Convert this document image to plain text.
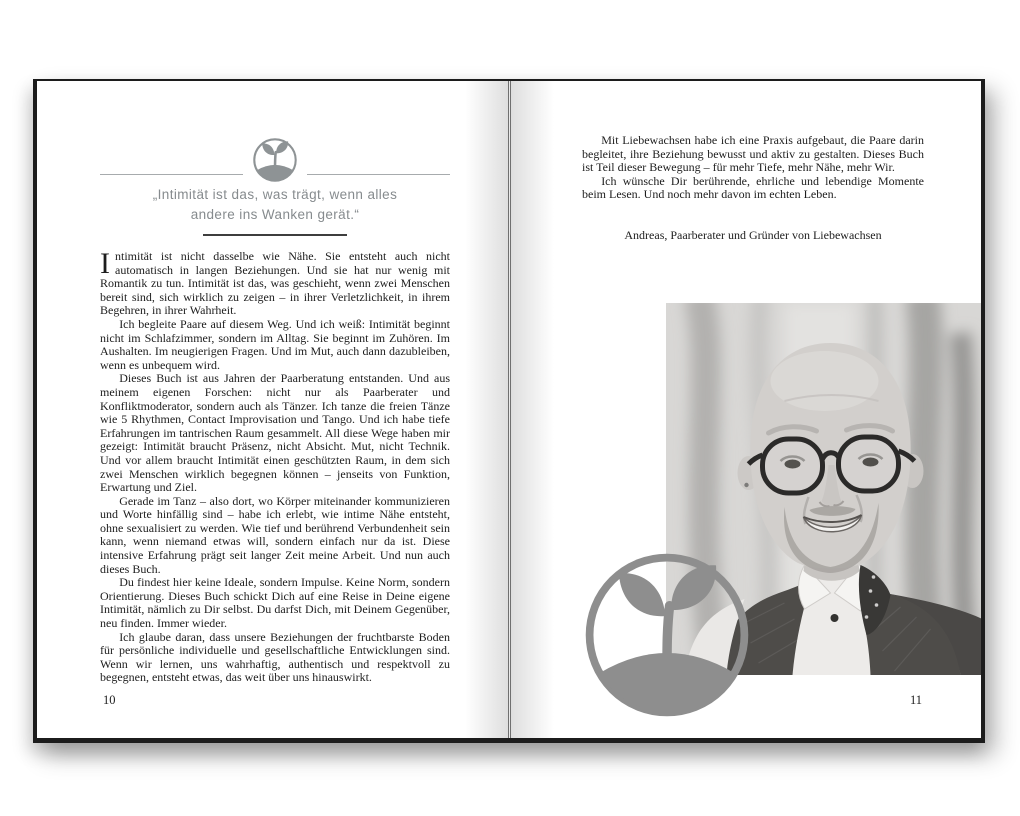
„Intimität ist das, was trägt, wenn alles
andere ins Wanken gerät.“

Intimität ist nicht dasselbe wie Nähe. Sie entsteht auch nicht automatisch in langen Beziehungen. Und sie hat nur wenig mit Romantik zu tun. Intimität ist das, was geschieht, wenn zwei Menschen bereit sind, sich wirklich zu zeigen – in ihrer Verletzlichkeit, in ihrem Begehren, in ihrer Wahrheit.

Ich begleite Paare auf diesem Weg. Und ich weiß: Intimität beginnt nicht im Schlafzimmer, sondern im Alltag. Sie beginnt im Zuhören. Im Aushalten. Im neugierigen Fragen. Und im Mut, auch dann dazubleiben, wenn es unbequem wird.

Dieses Buch ist aus Jahren der Paarberatung entstanden. Und aus meinem eigenen Forschen: nicht nur als Paarberater und Konfliktmoderator, sondern auch als Tänzer. Ich tanze die freien Tänze wie 5 Rhythmen, Contact Improvisation und Tango. Und ich habe tiefe Erfahrungen im tantrischen Raum gesammelt. All diese Wege haben mir gezeigt: Intimität braucht Präsenz, nicht Absicht. Mut, nicht Technik. Und vor allem braucht Intimität einen geschützten Raum, in dem sich zwei Menschen wirklich begegnen können – jenseits von Funktion, Erwartung und Ziel.

Gerade im Tanz – also dort, wo Körper miteinander kommunizieren und Worte hinfällig sind – habe ich erlebt, wie intime Nähe entsteht, ohne sexualisiert zu werden. Wie tief und berührend Verbundenheit sein kann, wenn niemand etwas will, sondern einfach nur da ist. Diese intensive Erfahrung prägt seit langer Zeit meine Arbeit. Und nun auch dieses Buch.

Du findest hier keine Ideale, sondern Impulse. Keine Norm, sondern Orientierung. Dieses Buch schickt Dich auf eine Reise in Deine eigene Intimität, nämlich zu Dir selbst. Du darfst Dich, mit Deinem Gegenüber, neu finden. Immer wieder.

Ich glaube daran, dass unsere Beziehungen der fruchtbarste Boden für persönliche individuelle und gesellschaftliche Entwicklungen sind. Wenn wir lernen, uns wahrhaftig, authentisch und respektvoll zu begegnen, entsteht etwas, das weit über uns hinauswirkt.

10

Mit Liebewachsen habe ich eine Praxis aufgebaut, die Paare darin begleitet, ihre Beziehung bewusst und aktiv zu gestalten. Dieses Buch ist Teil dieser Bewegung – für mehr Tiefe, mehr Nähe, mehr Wir.

Ich wünsche Dir berührende, ehrliche und lebendige Momente beim Lesen. Und noch mehr davon im echten Leben.

Andreas, Paarberater und Gründer von Liebewachsen
11
